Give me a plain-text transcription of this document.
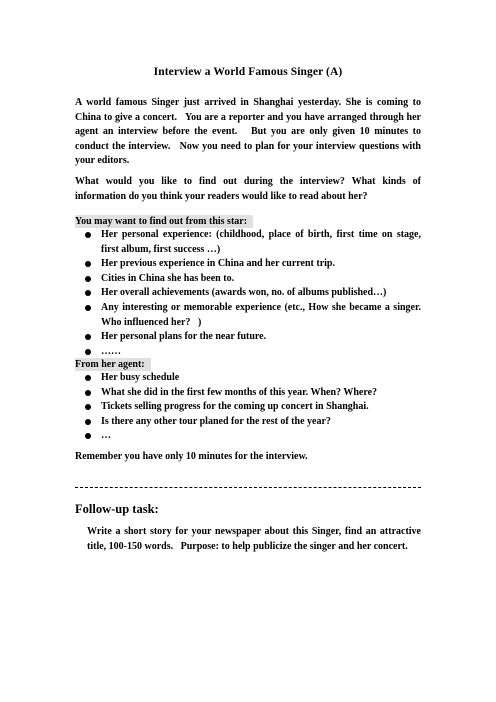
Interview a World Famous Singer (A)
A world famous Singer just arrived in Shanghai yesterday. She is coming to China to give a concert.   You are a reporter and you have arranged through her agent an interview before the event.   But you are only given 10 minutes to conduct the interview.   Now you need to plan for your interview questions with your editors.
What would you like to find out during the interview? What kinds of information do you think your readers would like to read about her?
You may want to find out from this star:
Her personal experience: (childhood, place of birth, first time on stage, first album, first success …)
Her previous experience in China and her current trip.
Cities in China she has been to.
Her overall achievements (awards won, no. of albums published…)
Any interesting or memorable experience (etc., How she became a singer. Who influenced her?   )
Her personal plans for the near future.
……
From her agent:
Her busy schedule
What she did in the first few months of this year. When? Where?
Tickets selling progress for the coming up concert in Shanghai.
Is there any other tour planed for the rest of the year?
…
Remember you have only 10 minutes for the interview.
Follow-up task:
Write a short story for your newspaper about this Singer, find an attractive title, 100-150 words.   Purpose: to help publicize the singer and her concert.
